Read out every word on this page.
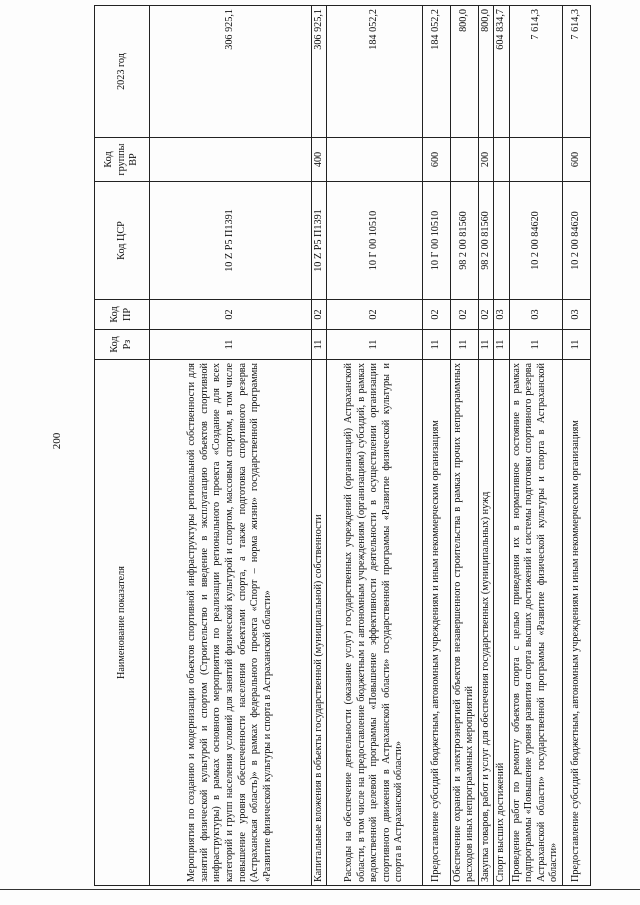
200
Наименование показателя	Код Рз	Код ПР	Код ЦСР	Код группы ВР	2023 год
Мероприятия по созданию и модернизации объектов спортивной инфраструктуры региональной собственности для занятий физической культурой и спортом (Строительство и введение в эксплуатацию объектов спортивной инфраструктуры) в рамках основного мероприятия по реализации регионального проекта «Создание для всех категорий и групп населения условий для занятий физической культурой и спортом, массовым спортом, в том числе повышение уровня обеспеченности населения объектами спорта, а также подготовка спортивного резерва (Астраханская область)» в рамках федерального проекта «Спорт – норма жизни» государственной программы «Развитие физической культуры и спорта в Астраханской области»	11	02	10 Z P5 П1391		306 925,1
Капитальные вложения в объекты государственной (муниципальной) собственности	11	02	10 Z P5 П1391	400	306 925,1
Расходы на обеспечение деятельности (оказание услуг) государственных учреждений (организаций) Астраханской области, в том числе на предоставление бюджетным и автономным учреждениям (организациям) субсидий, в рамках ведомственной целевой программы «Повышение эффективности деятельности в осуществлении организации спортивного движения в Астраханской области» государственной программы «Развитие физической культуры и спорта в Астраханской области»	11	02	10 Г 00 10510		184 052,2
Предоставление субсидий бюджетным, автономным учреждениям и иным некоммерческим организациям	11	02	10 Г 00 10510	600	184 052,2
Обеспечение охраной и электроэнергией объектов незавершенного строительства в рамках прочих непрограммных расходов иных непрограммных мероприятий	11	02	98 2 00 81560		800,0
Закупка товаров, работ и услуг для обеспечения государственных (муниципальных) нужд	11	02	98 2 00 81560	200	800,0
Спорт высших достижений	11	03			604 834,7
Проведение работ по ремонту объектов спорта с целью приведения их в нормативное состояние в рамках подпрограммы «Повышение уровня развития спорта высших достижений и системы подготовки спортивного резерва Астраханской области» государственной программы «Развитие физической культуры и спорта в Астраханской области»	11	03	10 2 00 84620		7 614,3
Предоставление субсидий бюджетным, автономным учреждениям и иным некоммерческим организациям	11	03	10 2 00 84620	600	7 614,3
